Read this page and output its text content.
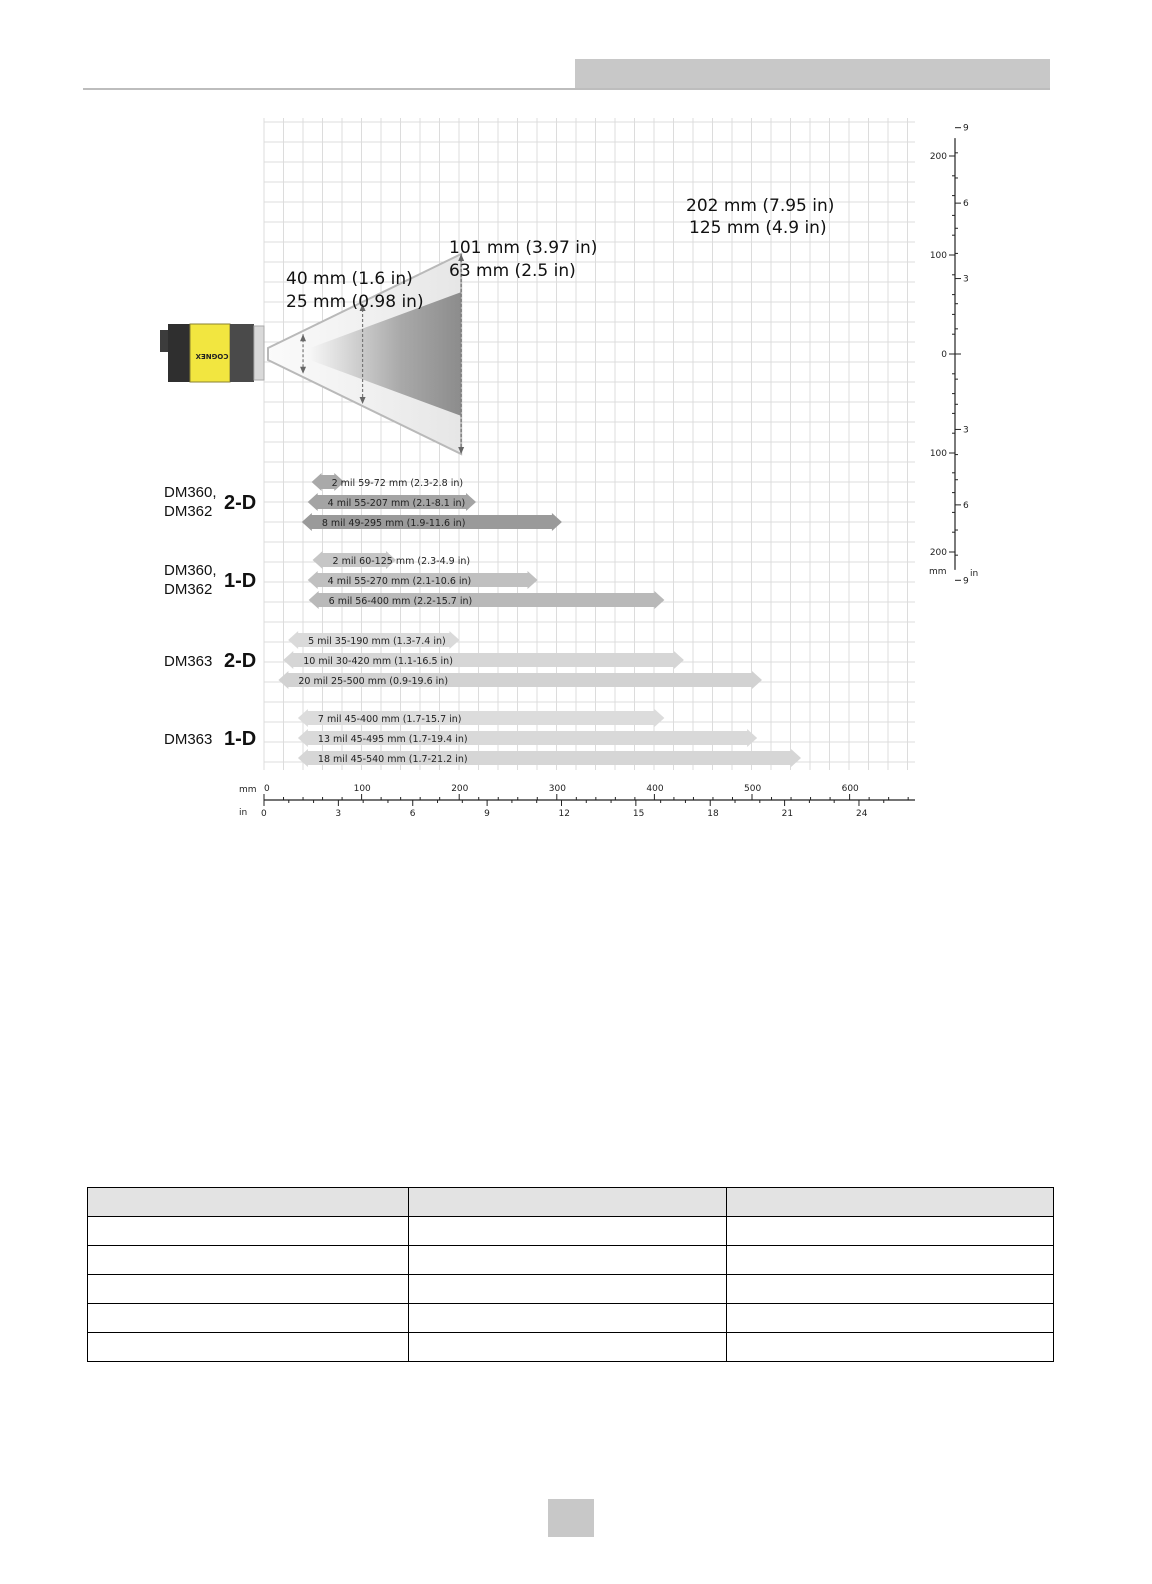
COGNEX
40 mm (1.6 in)
25 mm (0.98 in)
101 mm (3.97 in)
63 mm (2.5 in)
202 mm (7.95 in)
125 mm (4.9 in)
DM360,
DM362 2-D
DM360,
DM362 1-D
DM363 2-D
DM363 1-D
2 mil 59-72 mm (2.3-2.8 in)
4 mil 55-207 mm (2.1-8.1 in)
8 mil 49-295 mm (1.9-11.6 in)
2 mil 60-125 mm (2.3-4.9 in)
4 mil 55-270 mm (2.1-10.6 in)
6 mil 56-400 mm (2.2-15.7 in)
5 mil 35-190 mm (1.3-7.4 in)
10 mil 30-420 mm (1.1-16.5 in)
20 mil 25-500 mm (0.9-19.6 in)
7 mil 45-400 mm (1.7-15.7 in)
13 mil 45-495 mm (1.7-19.4 in)
18 mil 45-540 mm (1.7-21.2 in)
mm
in
0	100	200	300	400	500	600
0	3	6	9	12	15	18	21	24
200
100
0
100
200
9
6
3
3
6
9
mm	in
